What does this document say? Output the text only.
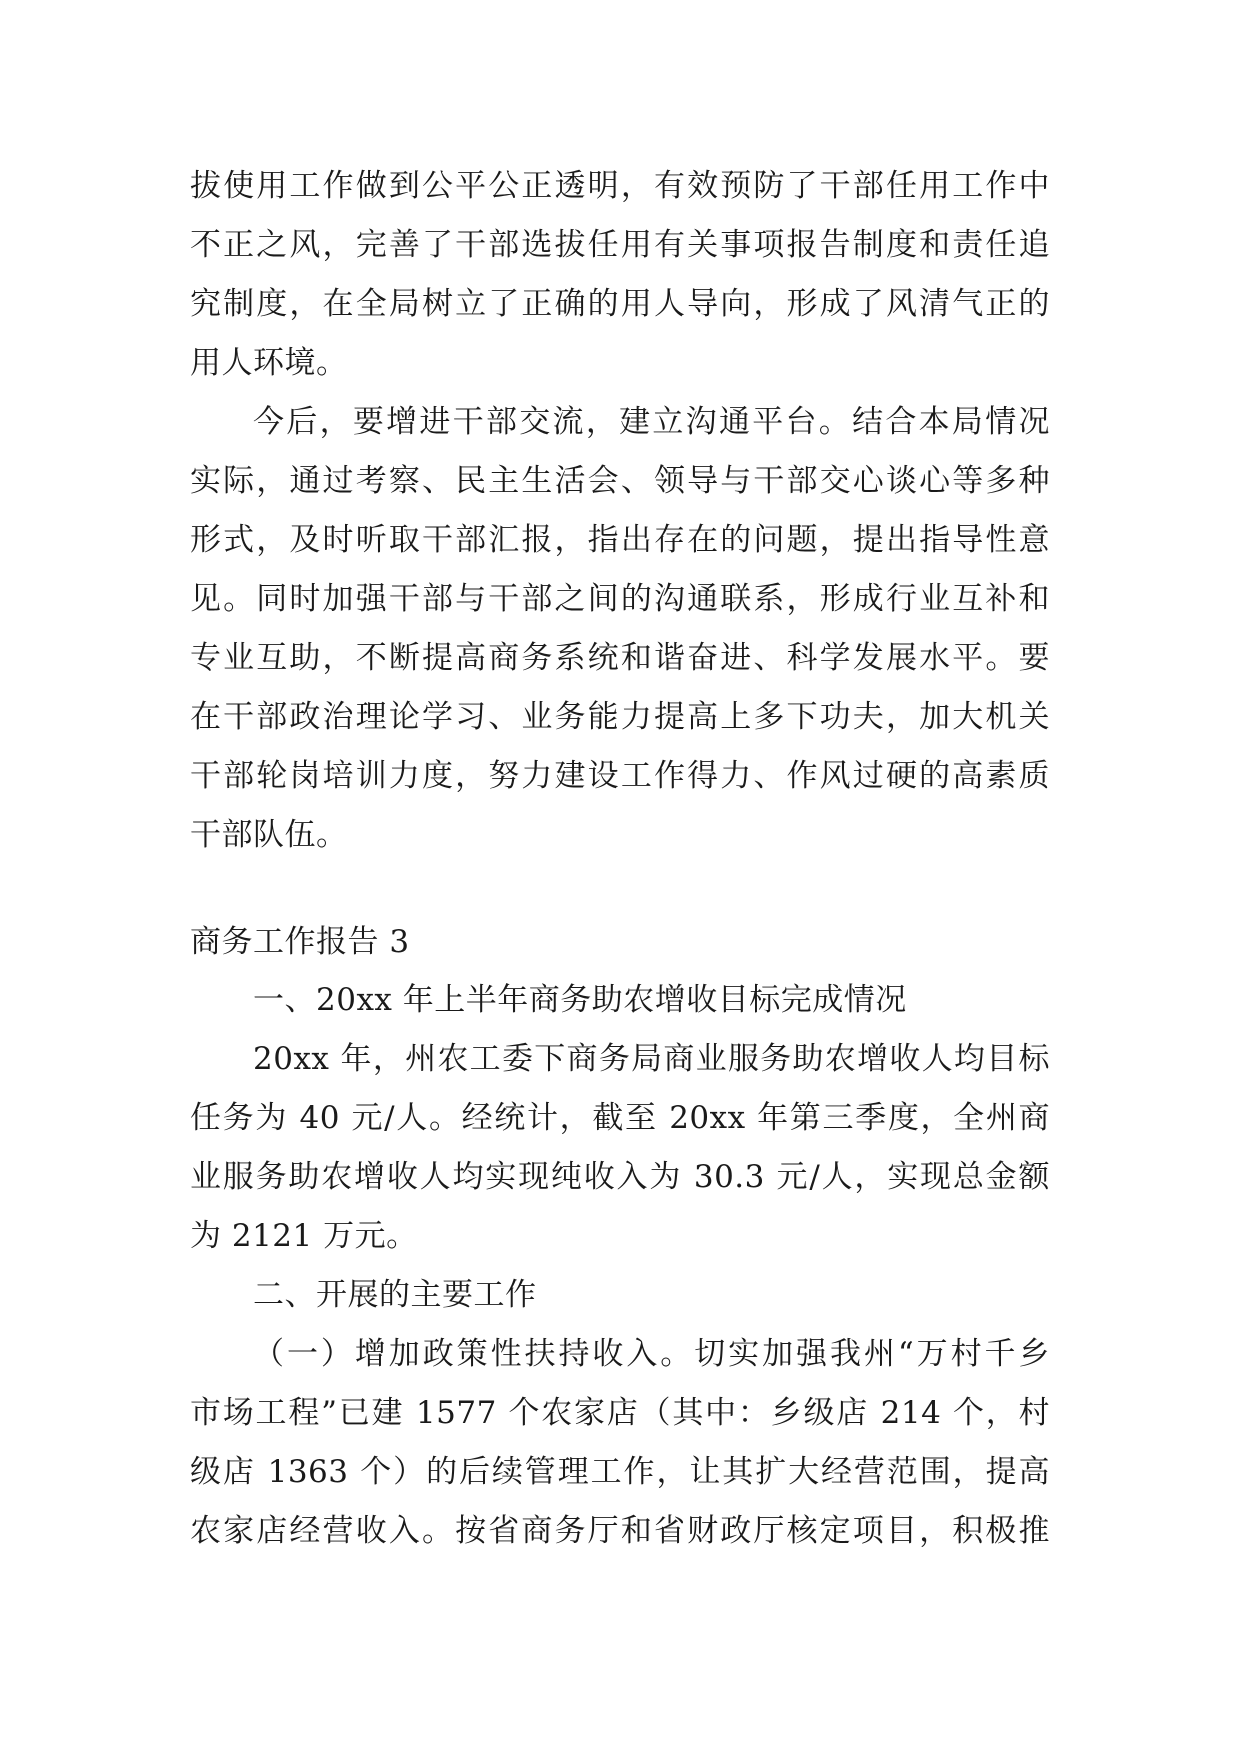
拔使用工作做到公平公正透明，有效预防了干部任用工作中
不正之风，完善了干部选拔任用有关事项报告制度和责任追
究制度，在全局树立了正确的用人导向，形成了风清气正的
用人环境。
今后，要增进干部交流，建立沟通平台。结合本局情况
实际，通过考察、民主生活会、领导与干部交心谈心等多种
形式，及时听取干部汇报，指出存在的问题，提出指导性意
见。同时加强干部与干部之间的沟通联系，形成行业互补和
专业互助，不断提高商务系统和谐奋进、科学发展水平。要
在干部政治理论学习、业务能力提高上多下功夫，加大机关
干部轮岗培训力度，努力建设工作得力、作风过硬的高素质
干部队伍。
商务工作报告 3
一、20xx 年上半年商务助农增收目标完成情况
20xx 年，州农工委下商务局商业服务助农增收人均目标
任务为 40 元/人。经统计，截至 20xx 年第三季度，全州商
业服务助农增收人均实现纯收入为 30.3 元/人，实现总金额
为 2121 万元。
二、开展的主要工作
（一）增加政策性扶持收入。切实加强我州“万村千乡
市场工程”已建 1577 个农家店（其中：乡级店 214 个，村
级店 1363 个）的后续管理工作，让其扩大经营范围，提高
农家店经营收入。按省商务厅和省财政厅核定项目，积极推
